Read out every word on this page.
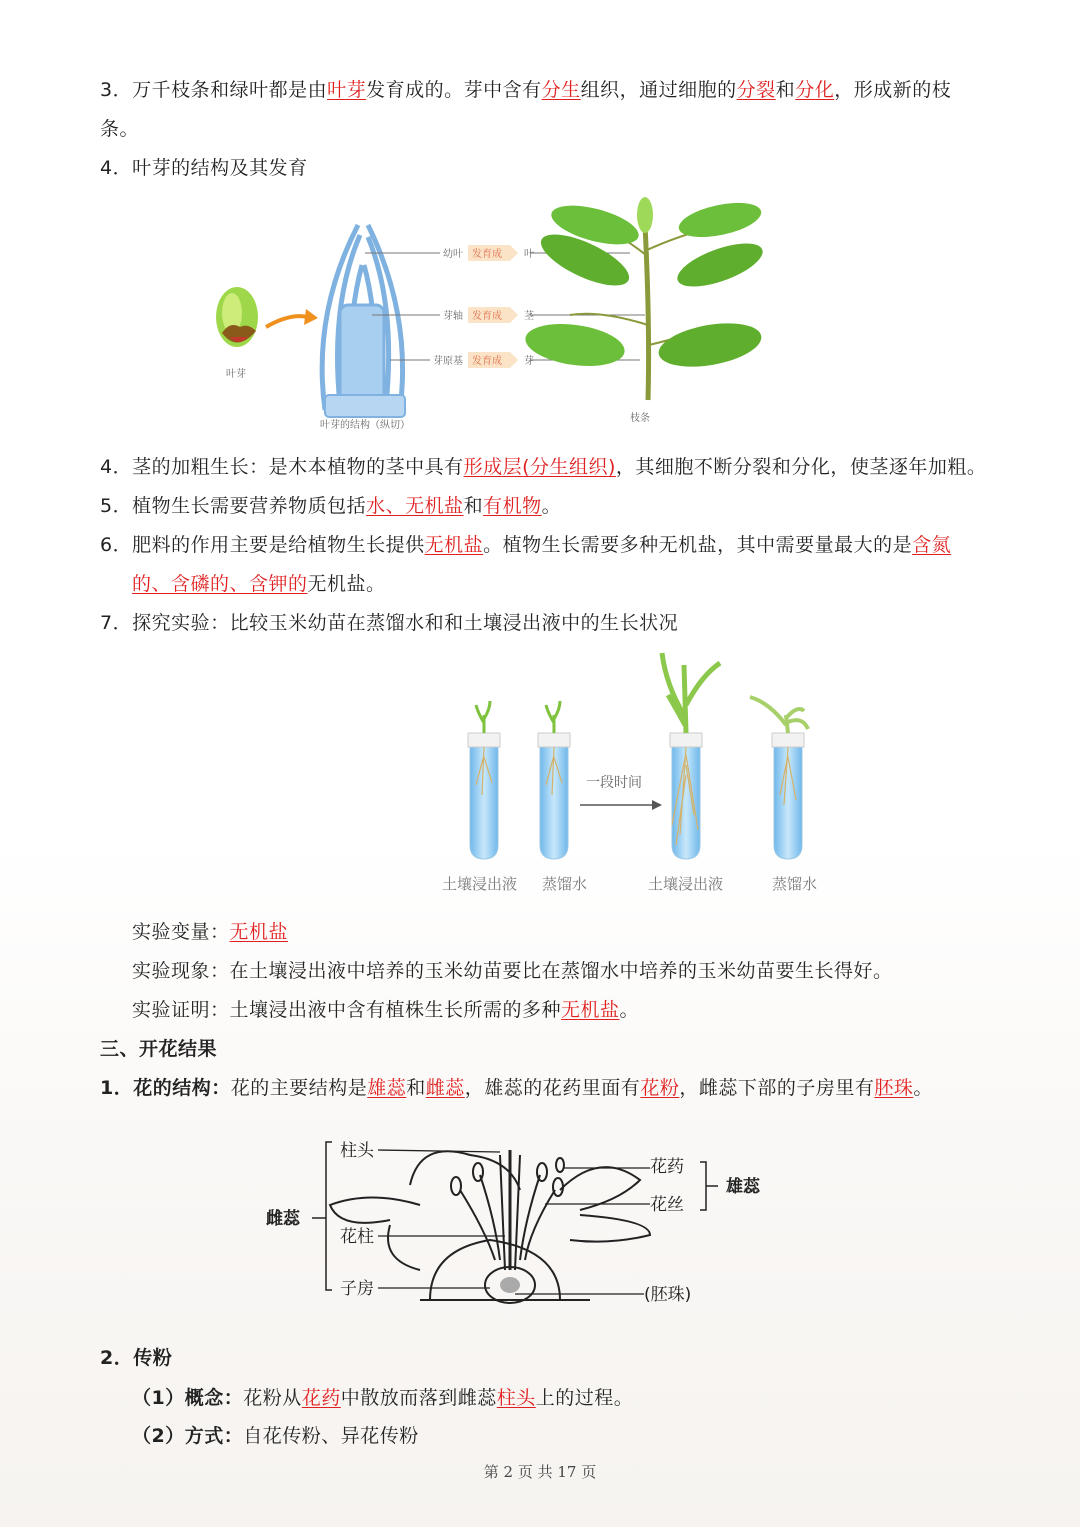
3．万千枝条和绿叶都是由叶芽发育成的。芽中含有分生组织，通过细胞的分裂和分化，形成新的枝
条。
4．叶芽的结构及其发育
叶芽
叶芽的结构（纵切）
幼叶 发育成 叶
芽轴 发育成 茎
芽原基 发育成 芽
枝条
4．茎的加粗生长：是木本植物的茎中具有形成层(分生组织)，其细胞不断分裂和分化，使茎逐年加粗。
5．植物生长需要营养物质包括水、无机盐和有机物。
6．肥料的作用主要是给植物生长提供无机盐。植物生长需要多种无机盐，其中需要量最大的是含氮
的、含磷的、含钾的无机盐。
7．探究实验：比较玉米幼苗在蒸馏水和和土壤浸出液中的生长状况
一段时间
土壤浸出液 蒸馏水	土壤浸出液	蒸馏水
实验变量：无机盐
实验现象：在土壤浸出液中培养的玉米幼苗要比在蒸馏水中培养的玉米幼苗要生长得好。
实验证明：土壤浸出液中含有植株生长所需的多种无机盐。
三、开花结果
1．花的结构：花的主要结构是雄蕊和雌蕊，雄蕊的花药里面有花粉，雌蕊下部的子房里有胚珠。
雌蕊
柱头
花柱
子房
花药
花丝
雄蕊
(胚珠)
2．传粉
（1）概念：花粉从花药中散放而落到雌蕊柱头上的过程。
（2）方式：自花传粉、异花传粉
第 2 页 共 17 页
